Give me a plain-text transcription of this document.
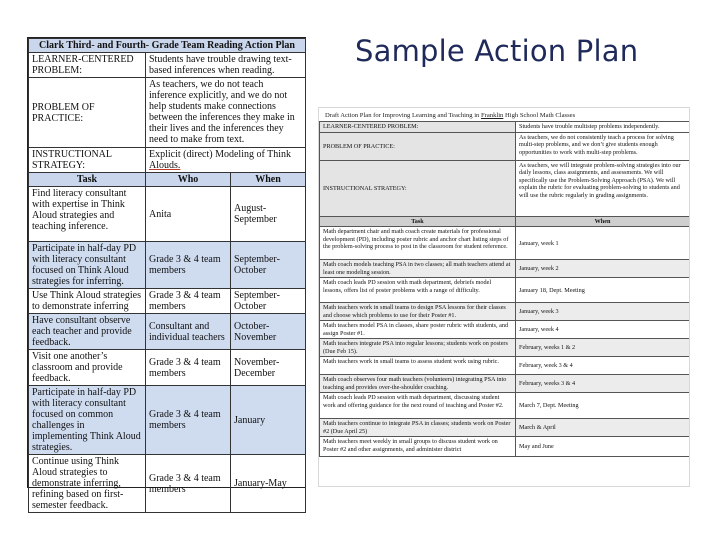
Clark Third- and Fourth- Grade Team Reading Action Plan		
LEARNER-CENTERED PROBLEM:	Students have trouble drawing text-based inferences when reading.	
PROBLEM OF PRACTICE:	As teachers, we do not teach inference explicitly, and we do not help students make connections between the inferences they make in their lives and the inferences they need to make from text.	
INSTRUCTIONAL STRATEGY:	Explicit (direct) Modeling of Think Alouds.	
Task	Who	When
Find literacy consultant with expertise in Think Aloud strategies and teaching inference.	Anita	August-September
Participate in half-day PD with literacy consultant focused on Think Aloud strategies for inferring.	Grade 3 & 4 team members	September-October
Use Think Aloud strategies to demonstrate inferring	Grade 3 & 4 team members	September-October
Have consultant observe each teacher and provide feedback.	Consultant and individual teachers	October-November
Visit one another’s classroom and provide feedback.	Grade 3 & 4 team members	November-December
Participate in half-day PD with literacy consultant focused on common challenges in implementing Think Aloud strategies.	Grade 3 & 4 team members	January
Continue using Think Aloud strategies to demonstrate inferring, refining based on first-semester feedback.	Grade 3 & 4 team members	January-May
Sample Action Plan
Draft Action Plan for Improving Learning and Teaching in Franklin High School Math Classes
LEARNER-CENTERED PROBLEM:	Students have trouble multistep problems independently.
PROBLEM OF PRACTICE:	As teachers, we do not consistently teach a process for solving multi-step problems, and we don’t give students enough opportunities to work with multi-step problems.
INSTRUCTIONAL STRATEGY:	As teachers, we will integrate problem-solving strategies into our daily lessons, class assignments, and assessments. We will specifically use the Problem-Solving Approach (PSA). We will explain the rubric for evaluating problem-solving to students and will use the rubric regularly in grading assignments.
Task	When
Math department chair and math coach create materials for professional development (PD), including poster rubric and anchor chart listing steps of the problem-solving process to post in the classroom for student reference.	January, week 1
Math coach models teaching PSA in two classes; all math teachers attend at least one modeling session.	January, week 2
Math coach leads PD session with math department, debriefs model lessons, offers list of poster problems with a range of difficulty.	January 18, Dept. Meeting
Math teachers work in small teams to design PSA lessons for their classes and choose which problems to use for their Poster #1.	January, week 3
Math teachers model PSA in classes, share poster rubric with students, and assign Poster #1.	January, week 4
Math teachers integrate PSA into regular lessons; students work on posters (Due Feb 15).	February, weeks 1 & 2
Math teachers work in small teams to assess student work using rubric.	February, week 3 & 4
Math coach observes four math teachers (volunteers) integrating PSA into teaching and provides over-the-shoulder coaching.	February, weeks 3 & 4
Math coach leads PD session with math department, discussing student work and offering guidance for the next round of teaching and Poster #2.	March 7, Dept. Meeting
Math teachers continue to integrate PSA in classes; students work on Poster #2 (Due April 25)	March & April
Math teachers meet weekly in small groups to discuss student work on Poster #2 and other assignments, and administer district	May and June
